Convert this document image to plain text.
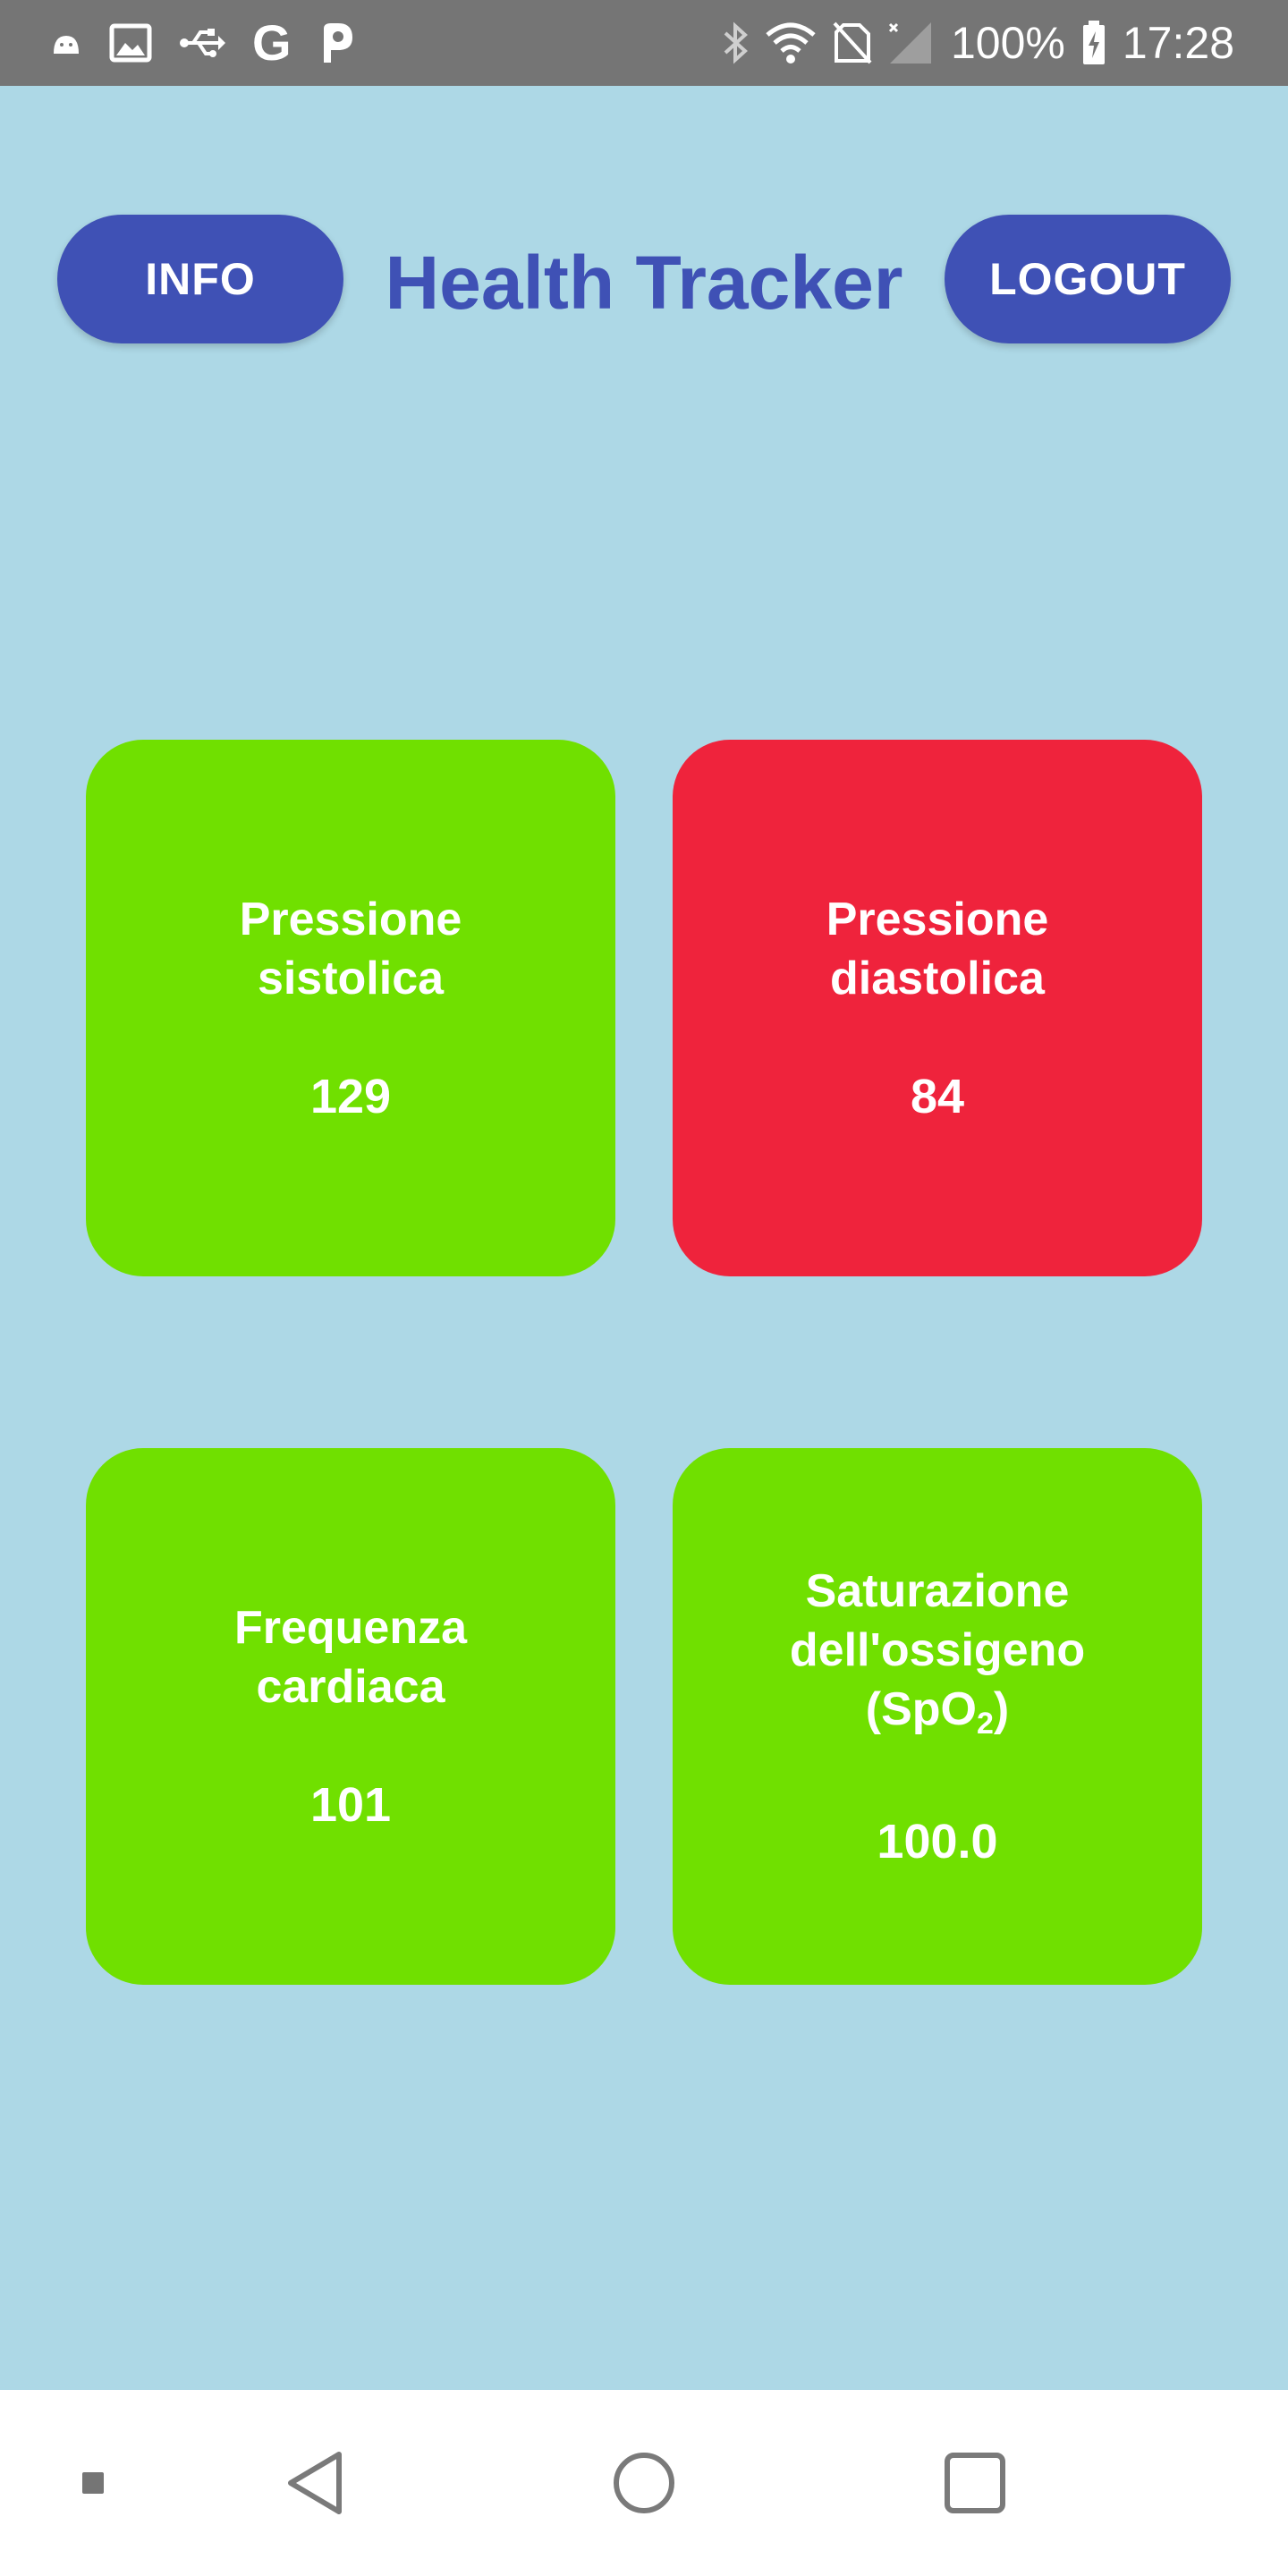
G	100% 17:28
INFO	Health Tracker	LOGOUT
Pressione
sistolica
129
Pressione
diastolica
84
Frequenza
cardiaca
101
Saturazione
dell'ossigeno
(SpO$_2$)
100.0
